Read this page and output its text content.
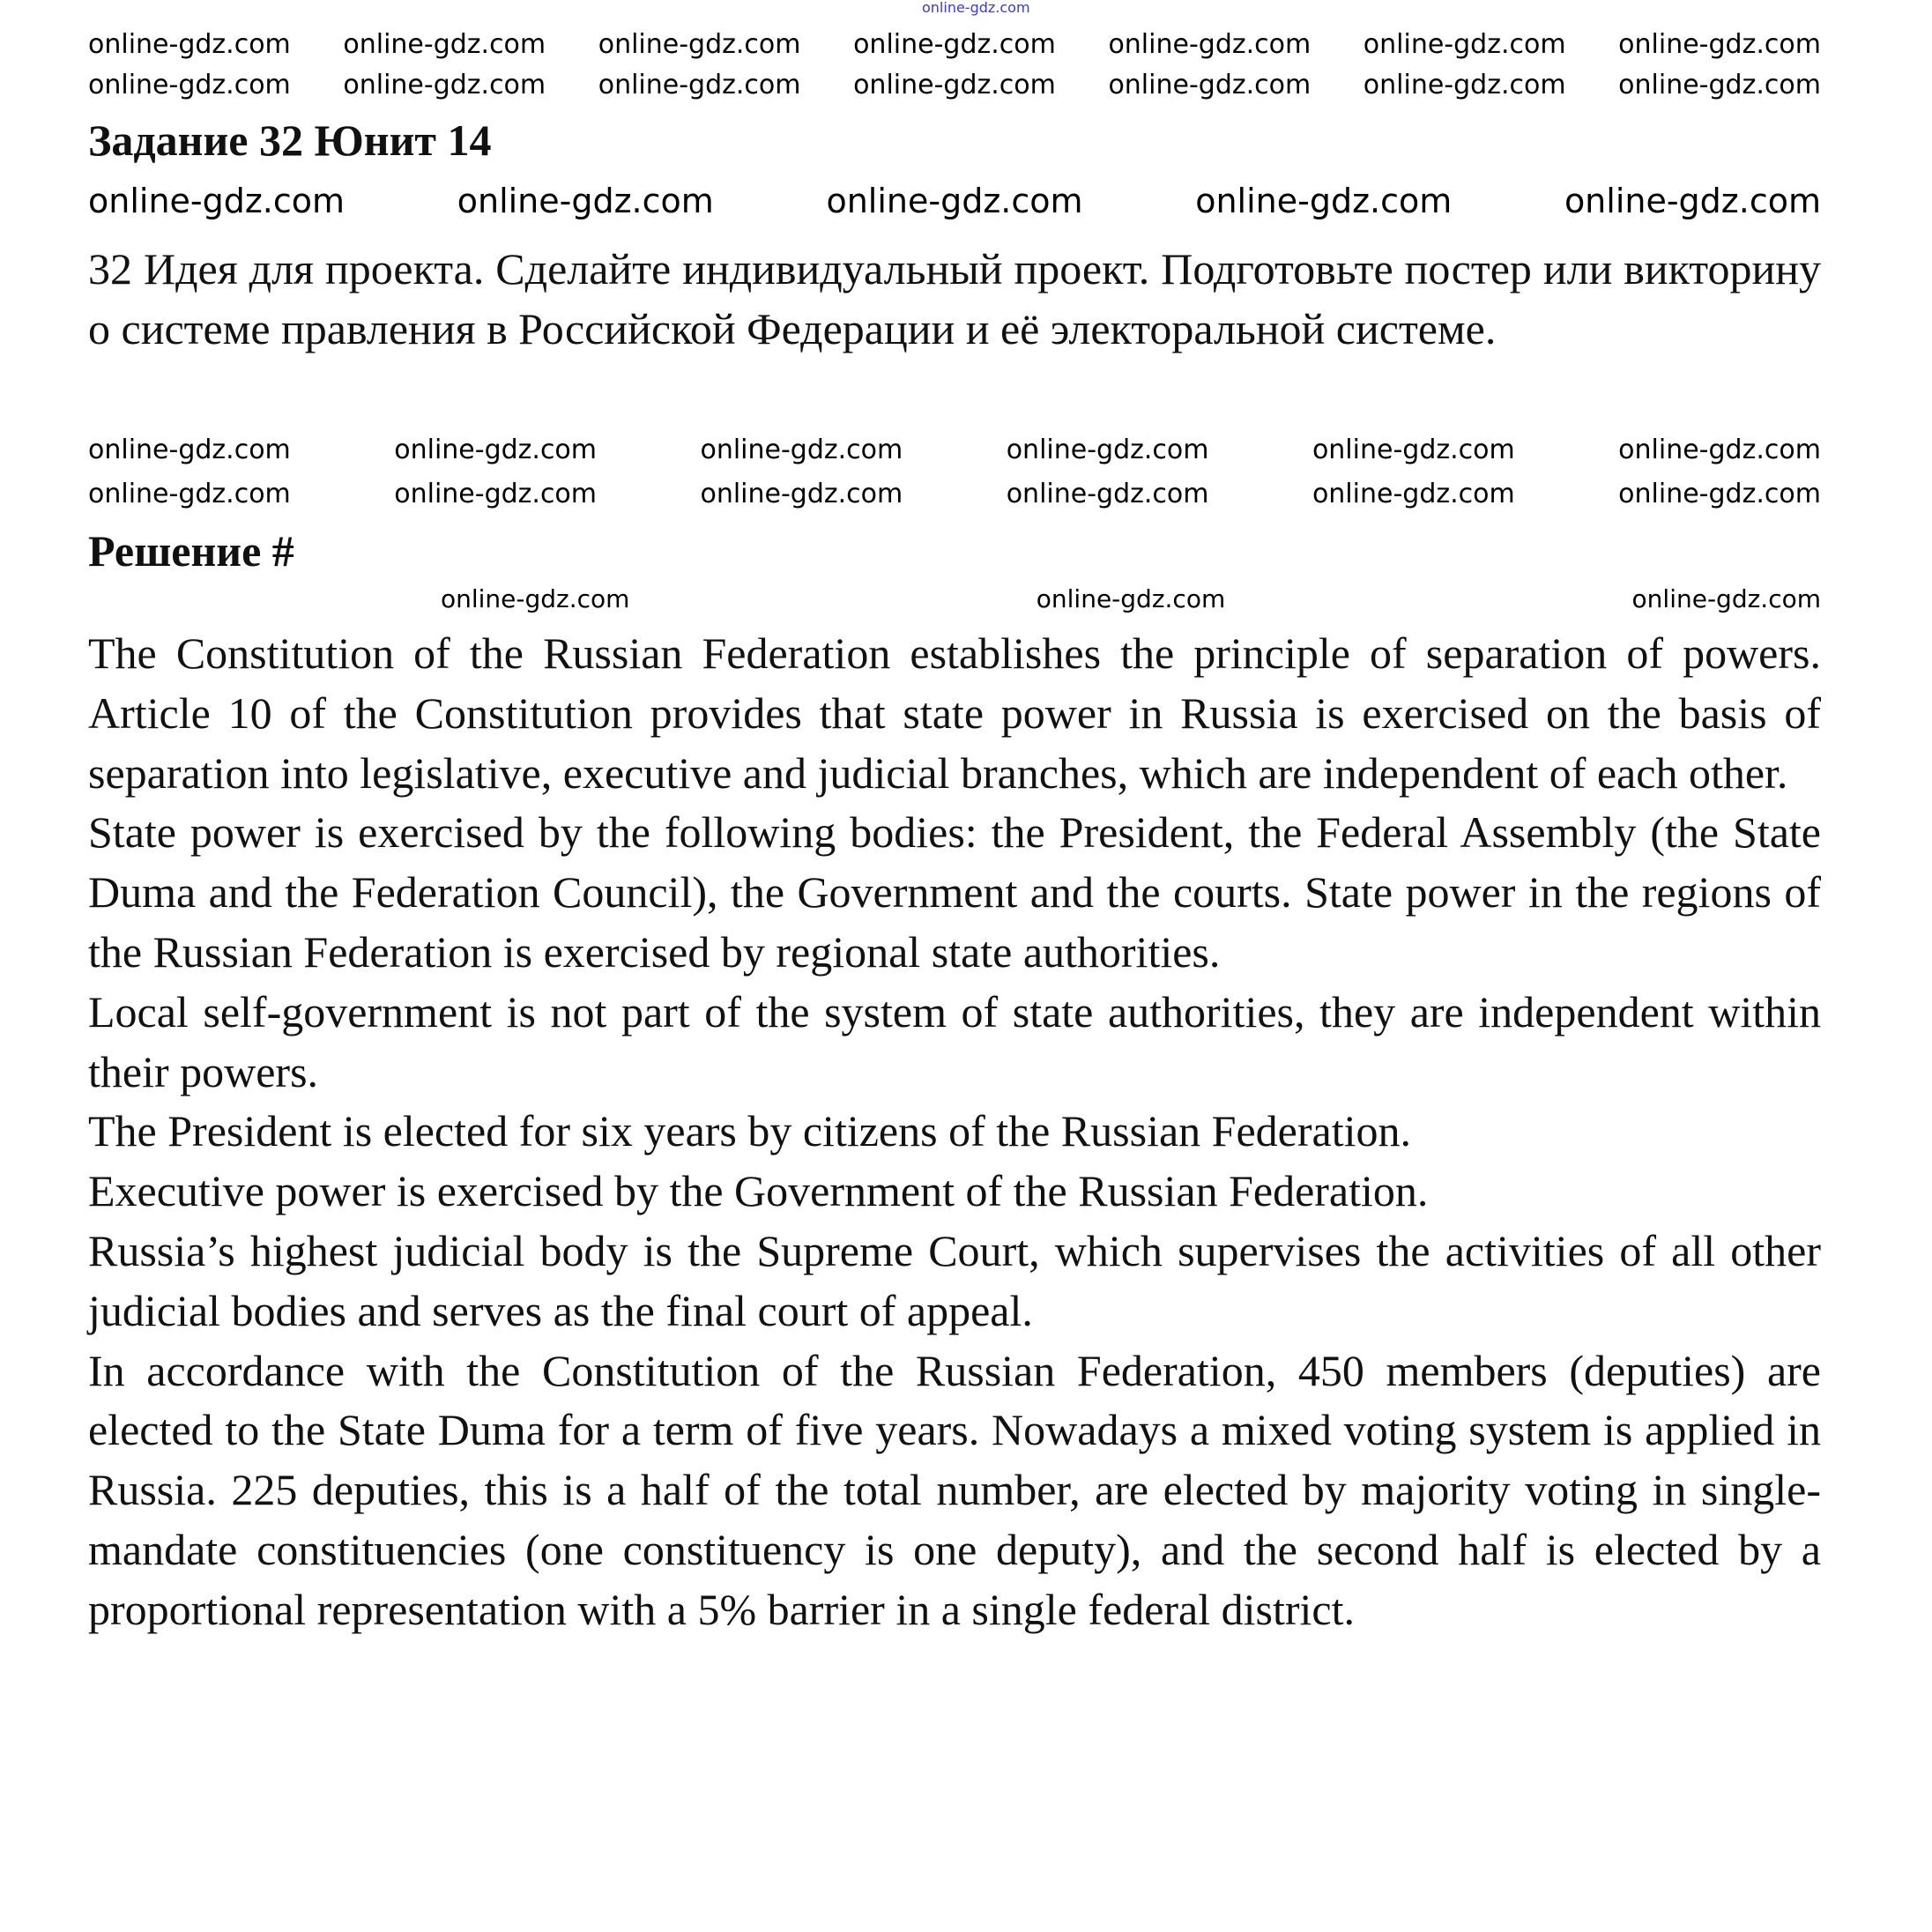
online-gdz.com
online-gdz.com online-gdz.com online-gdz.com online-gdz.com online-gdz.com online-gdz.com online-gdz.com
online-gdz.com online-gdz.com online-gdz.com online-gdz.com online-gdz.com online-gdz.com online-gdz.com
Задание 32 Юнит 14
online-gdz.com	online-gdz.com	online-gdz.com	online-gdz.com	online-gdz.com

32 Идея для проекта. Сделайте индивидуальный проект. Подготовьте постер или викторину о системе правления в Российской Федерации и её электоральной системе.

online-gdz.com	online-gdz.com	online-gdz.com	online-gdz.com	online-gdz.com	online-gdz.com
online-gdz.com	online-gdz.com	online-gdz.com	online-gdz.com	online-gdz.com	online-gdz.com
Решение #
online-gdz.com	online-gdz.com	online-gdz.com

The Constitution of the Russian Federation establishes the principle of separation of powers. Article 10 of the Constitution provides that state power in Russia is exercised on the basis of separation into legislative, executive and judicial branches, which are independent of each other.

State power is exercised by the following bodies: the President, the Federal Assembly (the State Duma and the Federation Council), the Government and the courts. State power in the regions of the Russian Federation is exercised by regional state authorities.

Local self-government is not part of the system of state authorities, they are independent within their powers.

The President is elected for six years by citizens of the Russian Federation.

Executive power is exercised by the Government of the Russian Federation.

Russia’s highest judicial body is the Supreme Court, which supervises the activities of all other judicial bodies and serves as the final court of appeal.

In accordance with the Constitution of the Russian Federation, 450 members (deputies) are elected to the State Duma for a term of five years. Nowadays a mixed voting system is applied in Russia. 225 deputies, this is a half of the total number, are elected by majority voting in single-mandate constituencies (one constituency is one deputy), and the second half is elected by a proportional representation with a 5% barrier in a single federal district.
